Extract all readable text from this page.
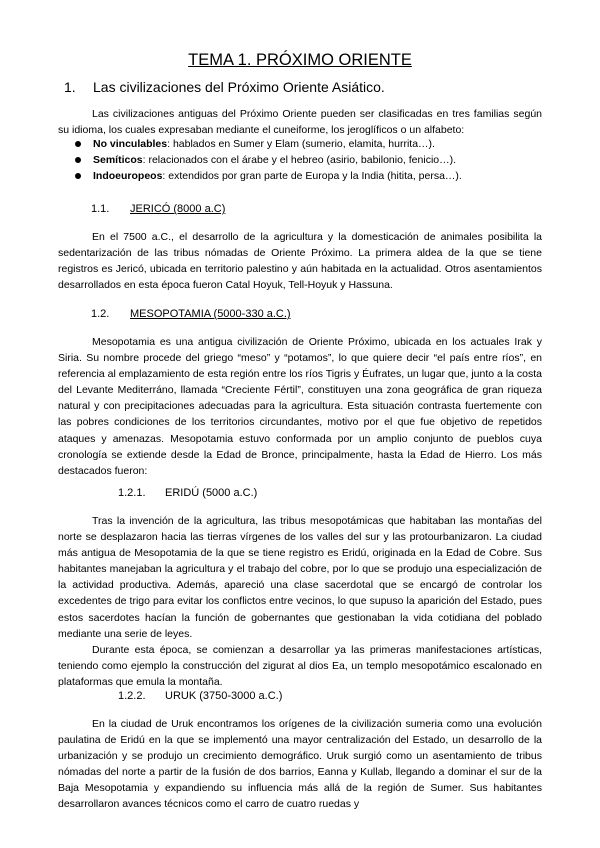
TEMA 1. PRÓXIMO ORIENTE
1. Las civilizaciones del Próximo Oriente Asiático.

Las civilizaciones antiguas del Próximo Oriente pueden ser clasificadas en tres familias según su idioma, los cuales expresaban mediante el cuneiforme, los jeroglíficos o un alfabeto:

No vinculables: hablados en Sumer y Elam (sumerio, elamita, hurrita…).
Semíticos: relacionados con el árabe y el hebreo (asirio, babilonio, fenicio…).
Indoeuropeos: extendidos por gran parte de Europa y la India (hitita, persa…).
1.1. JERICÓ (8000 a.C)

En el 7500 a.C., el desarrollo de la agricultura y la domesticación de animales posibilita la sedentarización de las tribus nómadas de Oriente Próximo. La primera aldea de la que se tiene registros es Jericó, ubicada en territorio palestino y aún habitada en la actualidad. Otros asentamientos desarrollados en esta época fueron Catal Hoyuk, Tell-Hoyuk y Hassuna.

1.2. MESOPOTAMIA (5000-330 a.C.)

Mesopotamia es una antigua civilización de Oriente Próximo, ubicada en los actuales Irak y Siria. Su nombre procede del griego “meso” y “potamos”, lo que quiere decir “el país entre ríos”, en referencia al emplazamiento de esta región entre los ríos Tigris y Éufrates, un lugar que, junto a la costa del Levante Mediterráno, llamada “Creciente Fértil”, constituyen una zona geográfica de gran riqueza natural y con precipitaciones adecuadas para la agricultura. Esta situación contrasta fuertemente con las pobres condiciones de los territorios circundantes, motivo por el que fue objetivo de repetidos ataques y amenazas. Mesopotamia estuvo conformada por un amplio conjunto de pueblos cuya cronología se extiende desde la Edad de Bronce, principalmente, hasta la Edad de Hierro. Los más destacados fueron:

1.2.1. ERIDÚ (5000 a.C.)

Tras la invención de la agricultura, las tribus mesopotámicas que habitaban las montañas del norte se desplazaron hacia las tierras vírgenes de los valles del sur y las protourbanizaron. La ciudad más antigua de Mesopotamia de la que se tiene registro es Eridú, originada en la Edad de Cobre. Sus habitantes manejaban la agricultura y el trabajo del cobre, por lo que se produjo una especialización de la actividad productiva. Además, apareció una clase sacerdotal que se encargó de controlar los excedentes de trigo para evitar los conflictos entre vecinos, lo que supuso la aparición del Estado, pues estos sacerdotes hacían la función de gobernantes que gestionaban la vida cotidiana del poblado mediante una serie de leyes.

Durante esta época, se comienzan a desarrollar ya las primeras manifestaciones artísticas, teniendo como ejemplo la construcción del zigurat al dios Ea, un templo mesopotámico escalonado en plataformas que emula la montaña.

1.2.2. URUK (3750-3000 a.C.)

En la ciudad de Uruk encontramos los orígenes de la civilización sumeria como una evolución paulatina de Eridú en la que se implementó una mayor centralización del Estado, un desarrollo de la urbanización y se produjo un crecimiento demográfico. Uruk surgió como un asentamiento de tribus nómadas del norte a partir de la fusión de dos barrios, Eanna y Kullab, llegando a dominar el sur de la Baja Mesopotamia y expandiendo su influencia más allá de la región de Sumer. Sus habitantes desarrollaron avances técnicos como el carro de cuatro ruedas y
